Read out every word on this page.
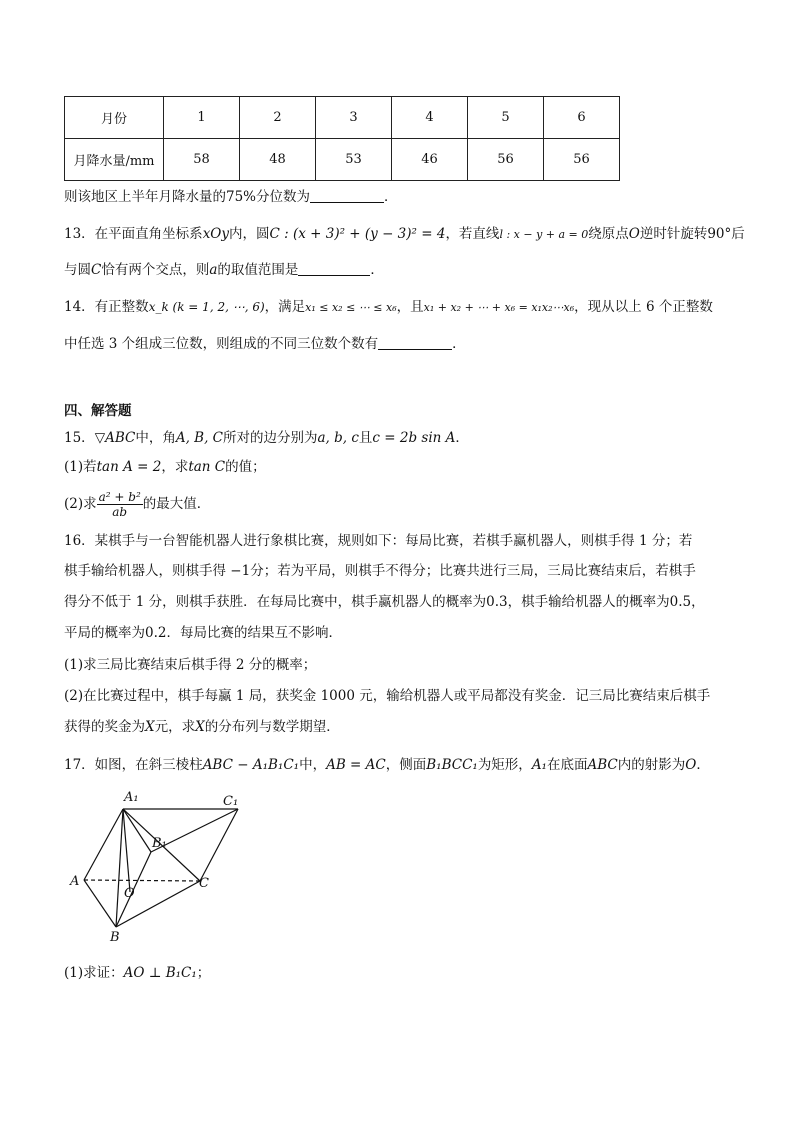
月份	1	2	3	4	5	6
月降水量/mm	58	48	53	46	56	56
则该地区上半年月降水量的75%分位数为	．
13．在平面直角坐标系xOy内，圆C : (x + 3)² + (y − 3)² = 4，若直线l : x − y + a = 0绕原点O逆时针旋转90°后
与圆C恰有两个交点，则a的取值范围是	．
14．有正整数x_k (k = 1, 2, ⋯, 6)，满足x₁ ≤ x₂ ≤ ⋯ ≤ x₆，且x₁ + x₂ + ⋯ + x₆ = x₁x₂⋯x₆，现从以上 6 个正整数
中任选 3 个组成三位数，则组成的不同三位数个数有	．
四、解答题
15．▽ABC中，角A, B, C所对的边分别为a, b, c且c = 2b sin A．
(1)若tan A = 2，求tan C的值；
(2)求 $\frac{\text{a² + b²}}{ab}$ 的最大值．
16．某棋手与一台智能机器人进行象棋比赛，规则如下：每局比赛，若棋手赢机器人，则棋手得 1 分；若
棋手输给机器人，则棋手得 −1分；若为平局，则棋手不得分；比赛共进行三局，三局比赛结束后，若棋手
得分不低于 1 分，则棋手获胜．在每局比赛中，棋手赢机器人的概率为0.3，棋手输给机器人的概率为0.5，
平局的概率为0.2．每局比赛的结果互不影响．
(1)求三局比赛结束后棋手得 2 分的概率；
(2)在比赛过程中，棋手每赢 1 局，获奖金 1000 元，输给机器人或平局都没有奖金．记三局比赛结束后棋手
获得的奖金为X元，求X的分布列与数学期望．
17．如图，在斜三棱柱ABC − A₁B₁C₁中，AB = AC，侧面B₁BCC₁为矩形，A₁在底面ABC内的射影为O．
A₁	C₁
B₁
A
O
C
B
(1)求证：AO ⊥ B₁C₁；
